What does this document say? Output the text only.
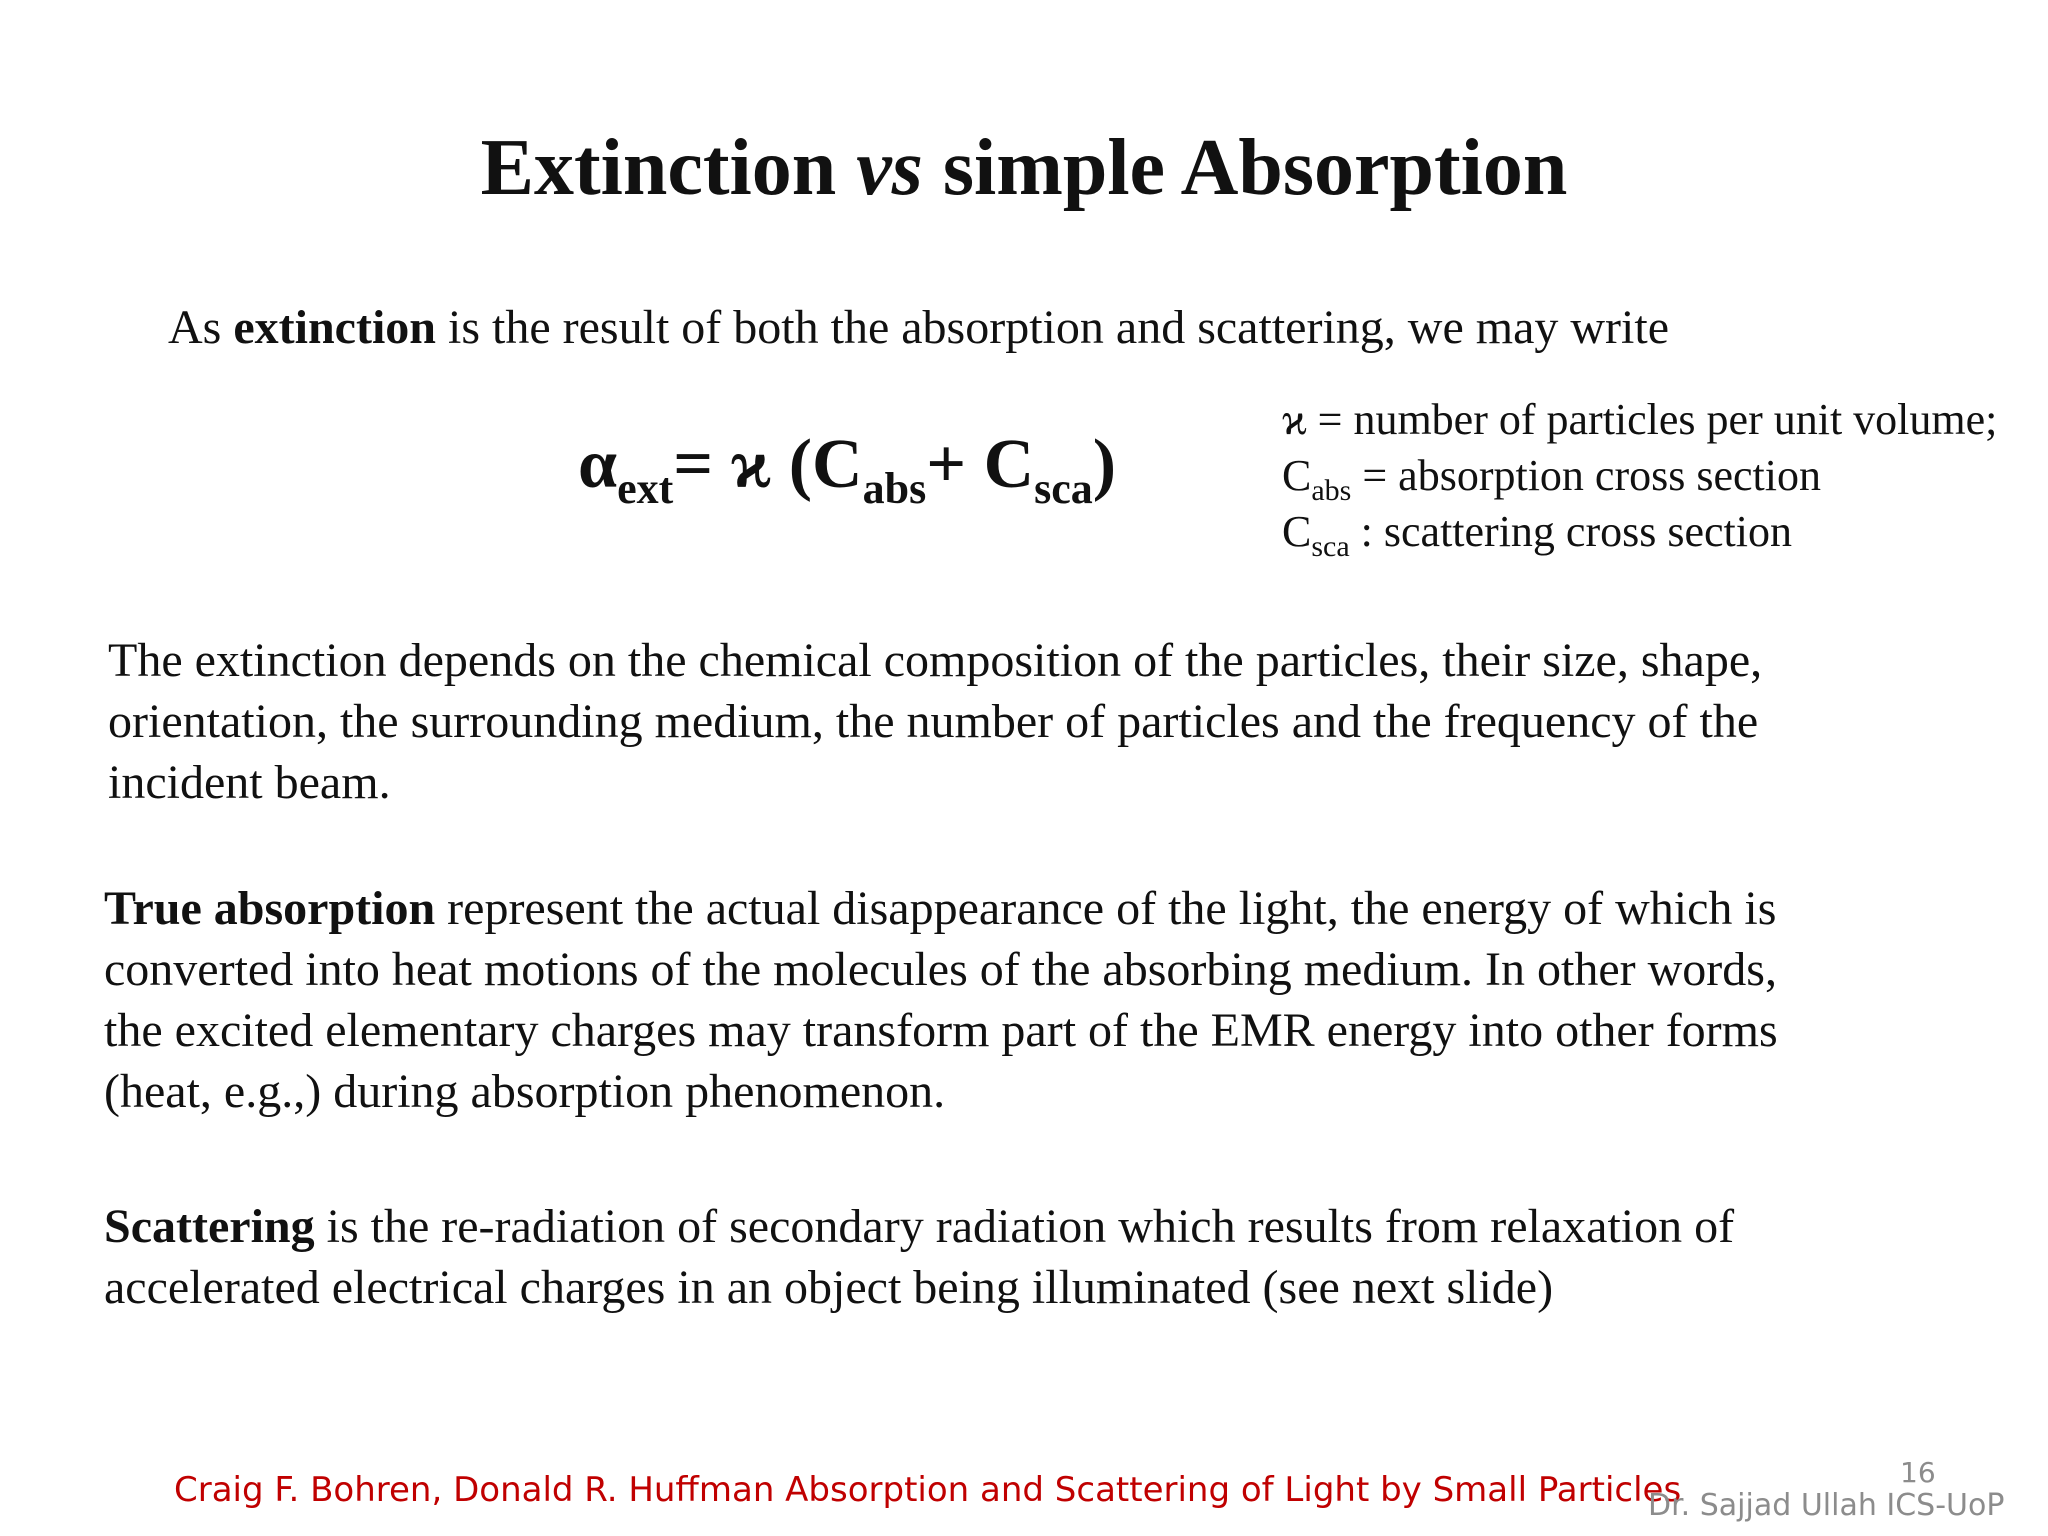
Extinction vs simple Absorption
As extinction is the result of both the absorption and scattering, we may write
$\alpha_{ext}= ϰ$ $(C_{abs}+ C_{sca})$
ϰ = number of particles per unit volume;
$C_{abs}$ = absorption cross section
$C_{sca}$ : scattering cross section
The extinction depends on the chemical composition of the particles, their size, shape,
orientation, the surrounding medium, the number of particles and the frequency of the
incident beam.
True absorption represent the actual disappearance of the light, the energy of which is
converted into heat motions of the molecules of the absorbing medium. In other words,
the excited elementary charges may transform part of the EMR energy into other forms
(heat, e.g.,) during absorption phenomenon.
Scattering is the re-radiation of secondary radiation which results from relaxation of
accelerated electrical charges in an object being illuminated (see next slide)
Craig F. Bohren, Donald R. Huffman Absorption and Scattering of Light by Small Particles	16
Dr. Sajjad Ullah ICS-UoP
